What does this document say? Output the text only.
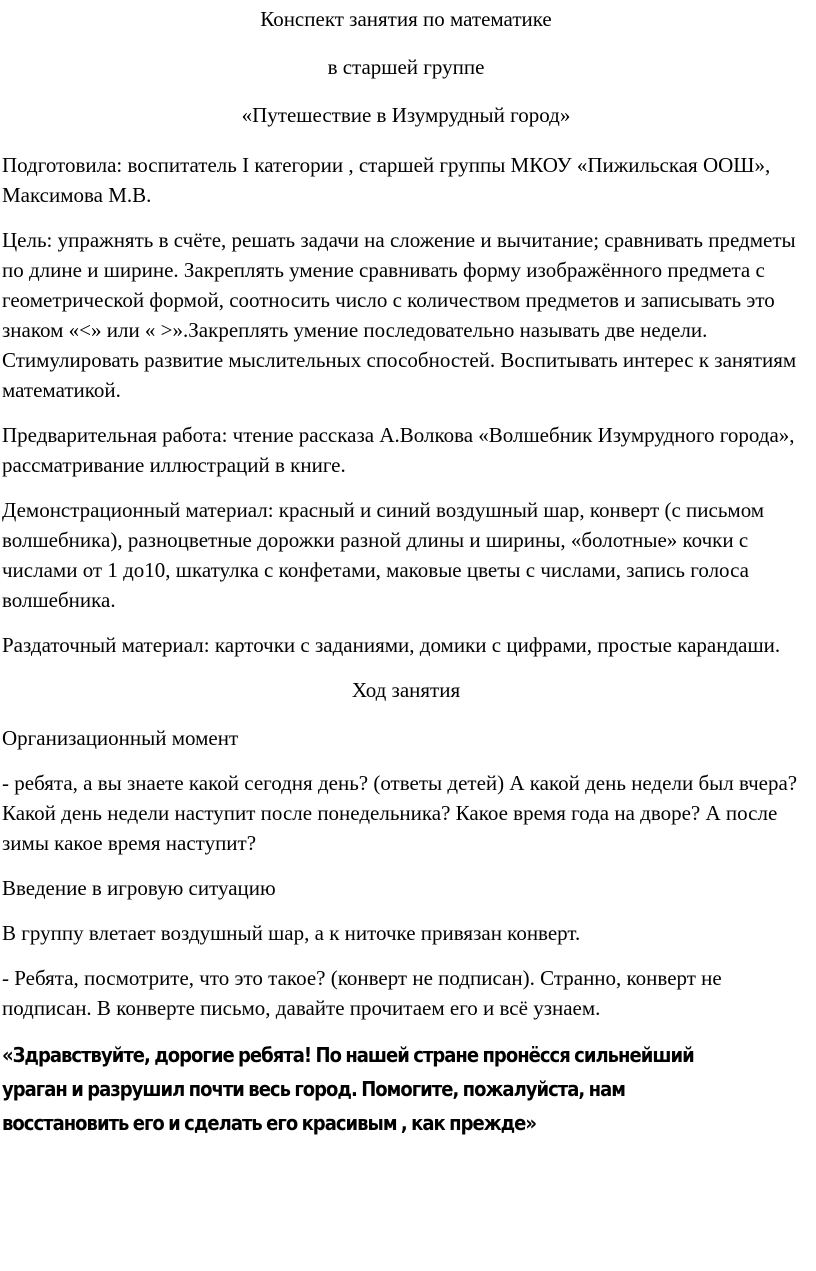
Конспект занятия по математике
в старшей группе
«Путешествие в Изумрудный город»

Подготовила: воспитатель I категории , старшей группы МКОУ «Пижильская ООШ», Максимова М.В.

Цель: упражнять в счёте, решать задачи на сложение и вычитание; сравнивать предметы по длине и ширине. Закреплять умение сравнивать форму изображённого предмета с геометрической формой, соотносить число с количеством предметов и записывать это знаком «<» или « >».Закреплять умение последовательно называть две недели. Стимулировать развитие мыслительных способностей. Воспитывать интерес к занятиям математикой.

Предварительная работа: чтение рассказа А.Волкова «Волшебник Изумрудного города», рассматривание иллюстраций в книге.

Демонстрационный материал: красный и синий воздушный шар, конверт (с письмом волшебника), разноцветные дорожки разной длины и ширины, «болотные» кочки с числами от 1 до10, шкатулка с конфетами, маковые цветы с числами, запись голоса волшебника.

Раздаточный материал: карточки с заданиями, домики с цифрами, простые карандаши.

Ход занятия

Организационный момент

- ребята, а вы знаете какой сегодня день? (ответы детей) А какой день недели был вчера? Какой день недели наступит после понедельника? Какое время года на дворе? А после зимы какое время наступит?

Введение в игровую ситуацию

В группу влетает воздушный шар, а к ниточке привязан конверт.

- Ребята, посмотрите, что это такое? (конверт не подписан). Странно, конверт не подписан. В конверте письмо, давайте прочитаем его и всё узнаем.

«Здравствуйте, дорогие ребята! По нашей стране пронёсся сильнейший
ураган и разрушил почти весь город. Помогите, пожалуйста, нам
восстановить его и сделать его красивым , как прежде»
